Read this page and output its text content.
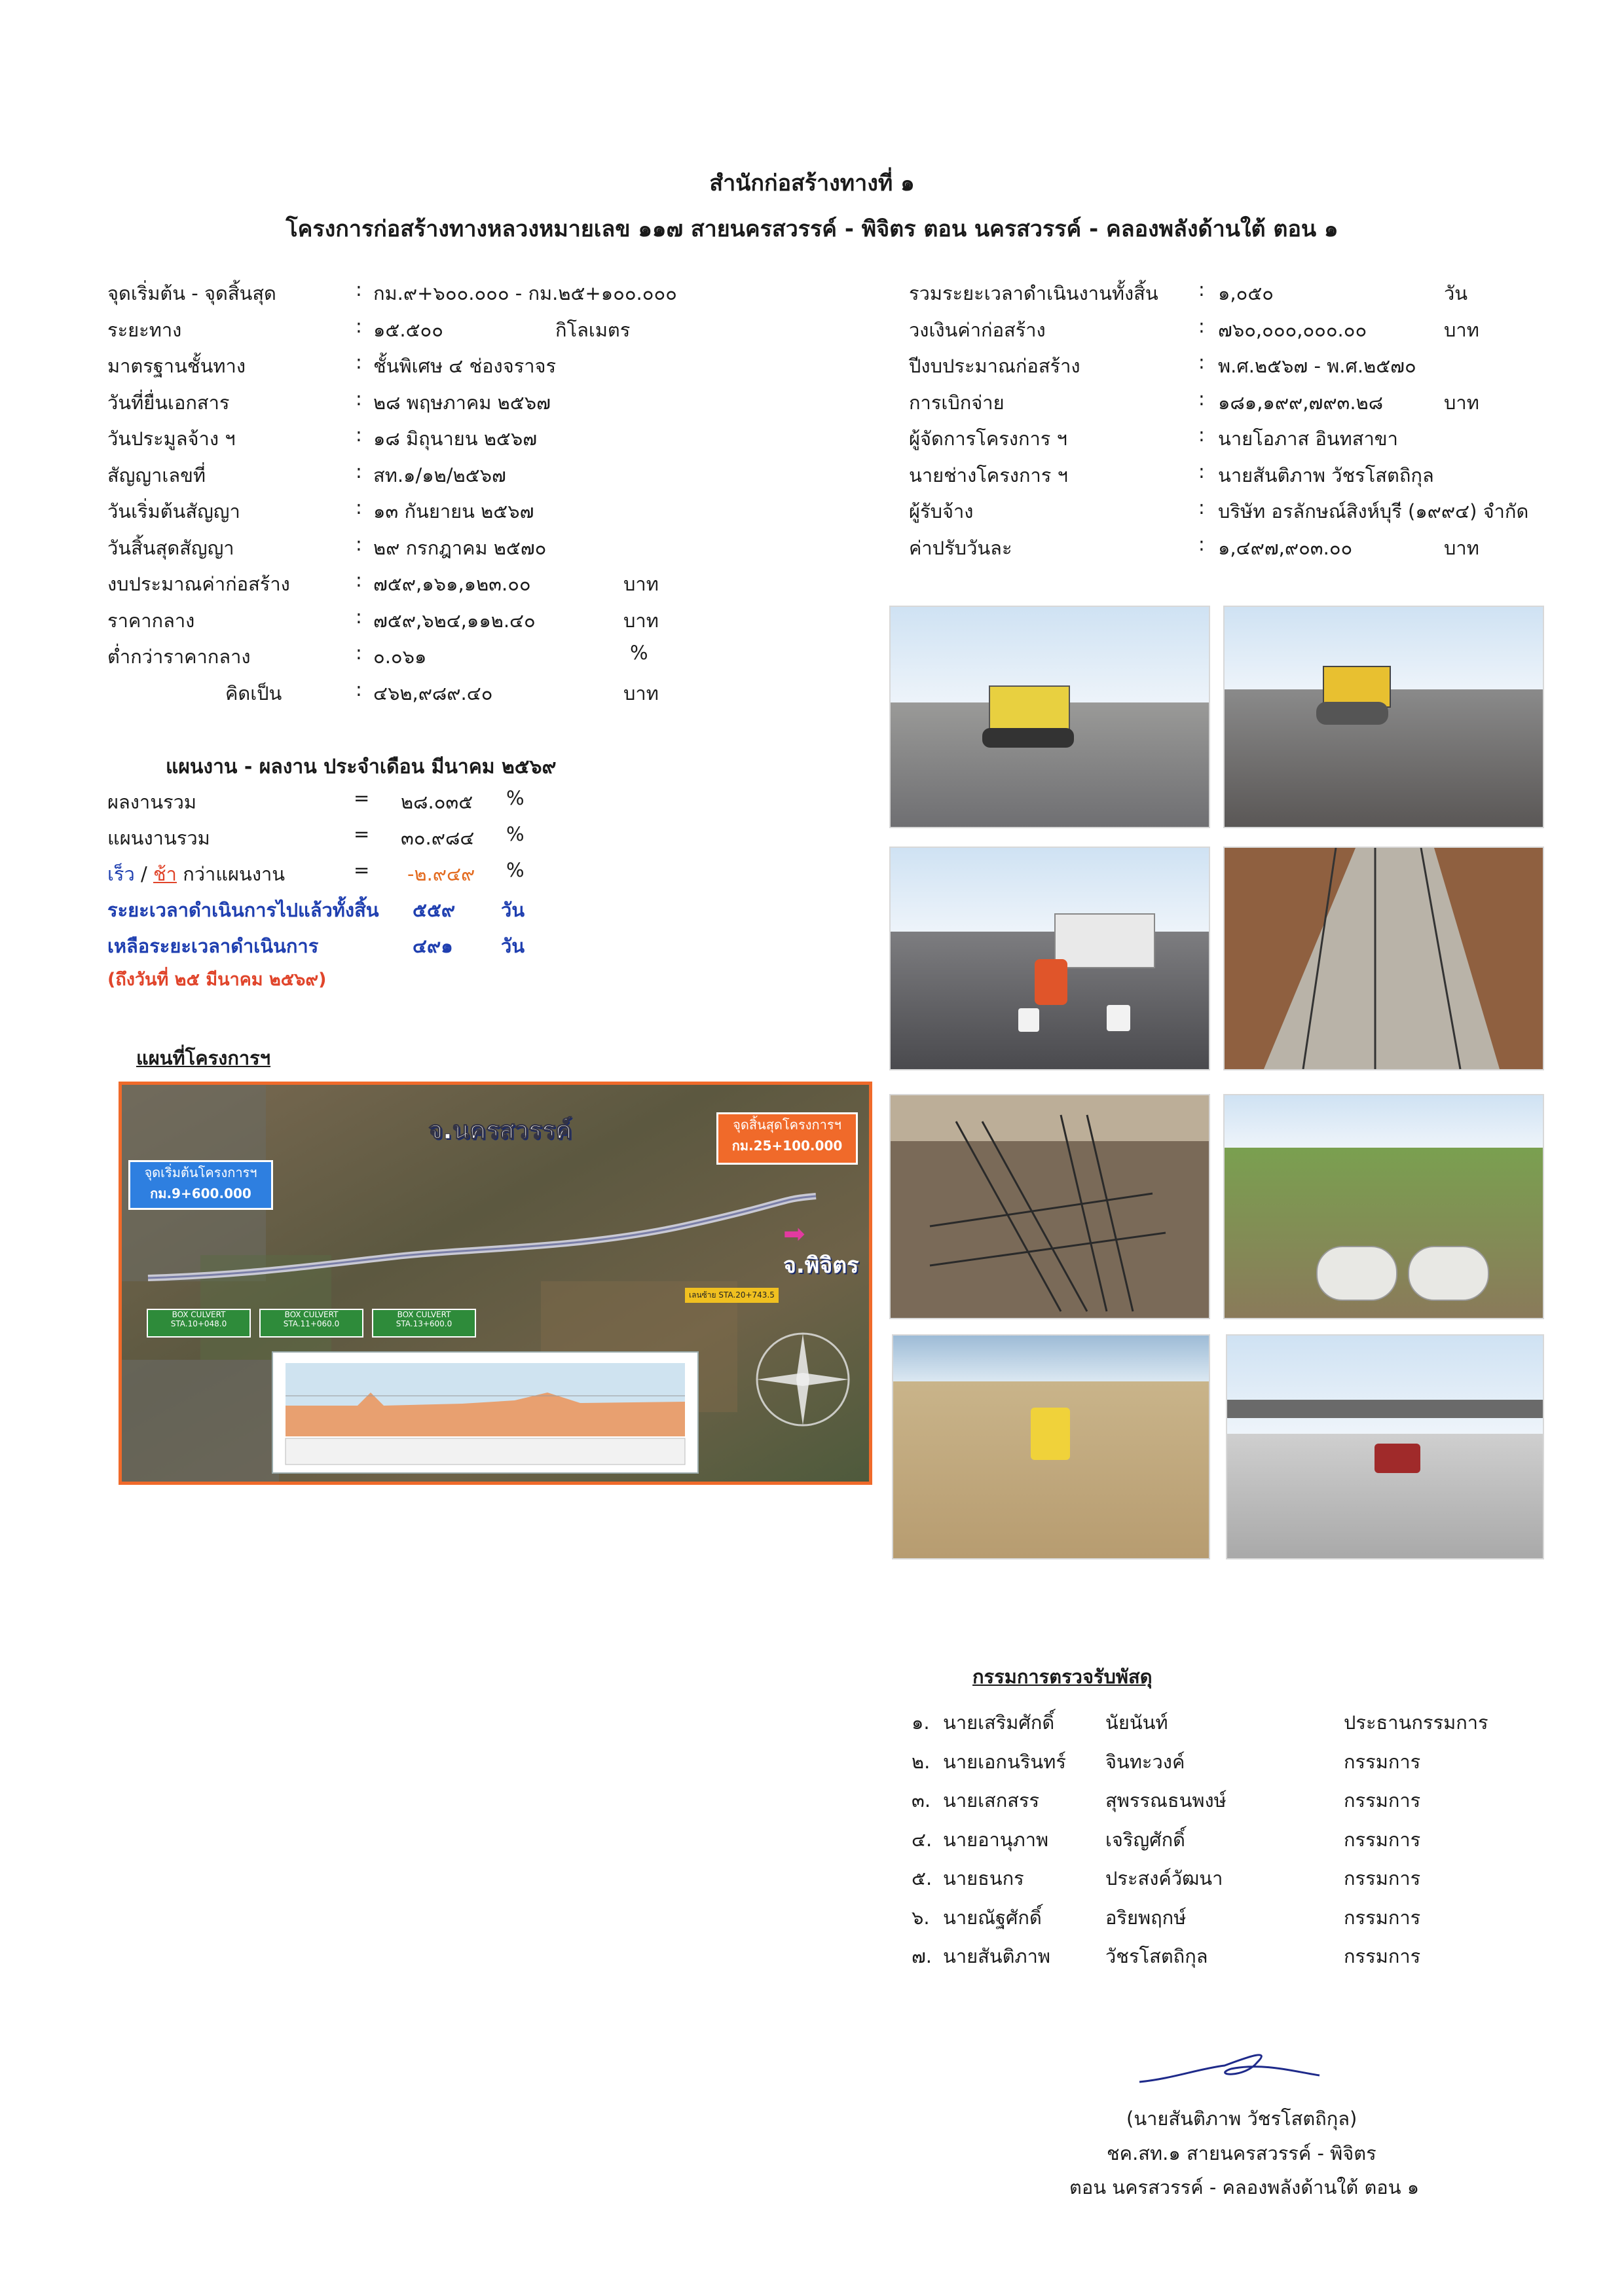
สำนักก่อสร้างทางที่ ๑
โครงการก่อสร้างทางหลวงหมายเลข ๑๑๗ สายนครสวรรค์ - พิจิตร ตอน นครสวรรค์ - คลองพลังด้านใต้ ตอน ๑
จุดเริ่มต้น - จุดสิ้นสุด	: กม.๙+๖๐๐.๐๐๐ - กม.๒๕+๑๐๐.๐๐๐
ระยะทาง	: ๑๕.๕๐๐	กิโลเมตร
มาตรฐานชั้นทาง	: ชั้นพิเศษ ๔ ช่องจราจร
วันที่ยื่นเอกสาร	: ๒๘ พฤษภาคม ๒๕๖๗
วันประมูลจ้าง ฯ	: ๑๘ มิถุนายน ๒๕๖๗
สัญญาเลขที่	: สท.๑/๑๒/๒๕๖๗
วันเริ่มต้นสัญญา	: ๑๓ กันยายน ๒๕๖๗
วันสิ้นสุดสัญญา	: ๒๙ กรกฎาคม ๒๕๗๐
งบประมาณค่าก่อสร้าง	: ๗๕๙,๑๖๑,๑๒๓.๐๐	บาท
ราคากลาง	: ๗๕๙,๖๒๔,๑๑๒.๔๐	บาท
ต่ำกว่าราคากลาง	: ๐.๐๖๑	%
คิดเป็น	: ๔๖๒,๙๘๙.๔๐	บาท
รวมระยะเวลาดำเนินงานทั้งสิ้น : ๑,๐๕๐	วัน
วงเงินค่าก่อสร้าง	: ๗๖๐,๐๐๐,๐๐๐.๐๐	บาท
ปีงบประมาณก่อสร้าง	: พ.ศ.๒๕๖๗ - พ.ศ.๒๕๗๐
การเบิกจ่าย	: ๑๘๑,๑๙๙,๗๙๓.๒๘	บาท
ผู้จัดการโครงการ ฯ	: นายโอภาส อินทสาขา
นายช่างโครงการ ฯ	: นายสันติภาพ วัชรโสตถิกุล
ผู้รับจ้าง	: บริษัท อรลักษณ์สิงห์บุรี (๑๙๙๔) จำกัด
ค่าปรับวันละ	: ๑,๔๙๗,๙๐๓.๐๐	บาท
แผนงาน - ผลงาน ประจำเดือน มีนาคม ๒๕๖๙
ผลงานรวม	= ๒๘.๐๓๕ %
แผนงานรวม	= ๓๐.๙๘๔ %
เร็ว / ช้า กว่าแผนงาน	= -๒.๙๔๙ %
ระยะเวลาดำเนินการไปแล้วทั้งสิ้น ๕๕๙ วัน
เหลือระยะเวลาดำเนินการ	๔๙๑	วัน
(ถึงวันที่ ๒๕ มีนาคม ๒๕๖๙)
แผนที่โครงการฯ
จ.นครสวรรค์
จ.พิจิตร
จุดเริ่มต้นโครงการฯ
กม.9+600.000
จุดสิ้นสุดโครงการฯ
กม.25+100.000
➡
BOX CULVERT STA.10+048.0
BOX CULVERT STA.11+060.0
BOX CULVERT STA.13+600.0
เลนซ้าย STA.20+743.5
กรรมการตรวจรับพัสดุ
๑. นายเสริมศักดิ์	นัยนันท์	ประธานกรรมการ
๒. นายเอกนรินทร์ จินทะวงค์	กรรมการ
๓. นายเสกสรร	สุพรรณธนพงษ์	กรรมการ
๔. นายอานุภาพ	เจริญศักดิ์	กรรมการ
๕. นายธนกร	ประสงค์วัฒนา	กรรมการ
๖. นายณัฐศักดิ์	อริยพฤกษ์	กรรมการ
๗. นายสันติภาพ	วัชรโสตถิกุล	กรรมการ
(นายสันติภาพ วัชรโสตถิกุล)
ชค.สท.๑ สายนครสวรรค์ - พิจิตร
ตอน นครสวรรค์ - คลองพลังด้านใต้ ตอน ๑
